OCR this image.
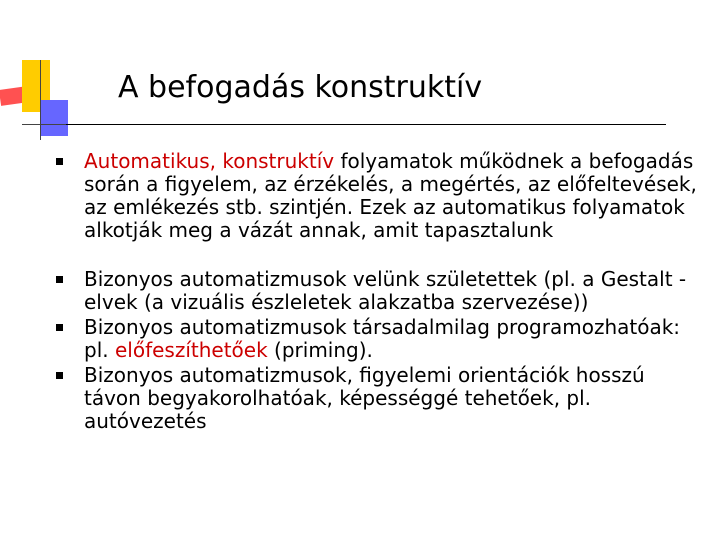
A befogadás konstruktív
Automatikus, konstruktív folyamatok működnek a befogadás során a figyelem, az érzékelés, a megértés, az előfeltevések, az emlékezés stb. szintjén. Ezek az automatikus folyamatok alkotják meg a vázát annak, amit tapasztalunk
Bizonyos automatizmusok velünk születettek (pl. a Gestalt -elvek (a vizuális észleletek alakzatba szervezése))
Bizonyos automatizmusok társadalmilag programozhatóak: pl. előfeszíthetőek (priming).
Bizonyos automatizmusok, figyelemi orientációk hosszú távon begyakorolhatóak, képességgé tehetőek, pl. autóvezetés
